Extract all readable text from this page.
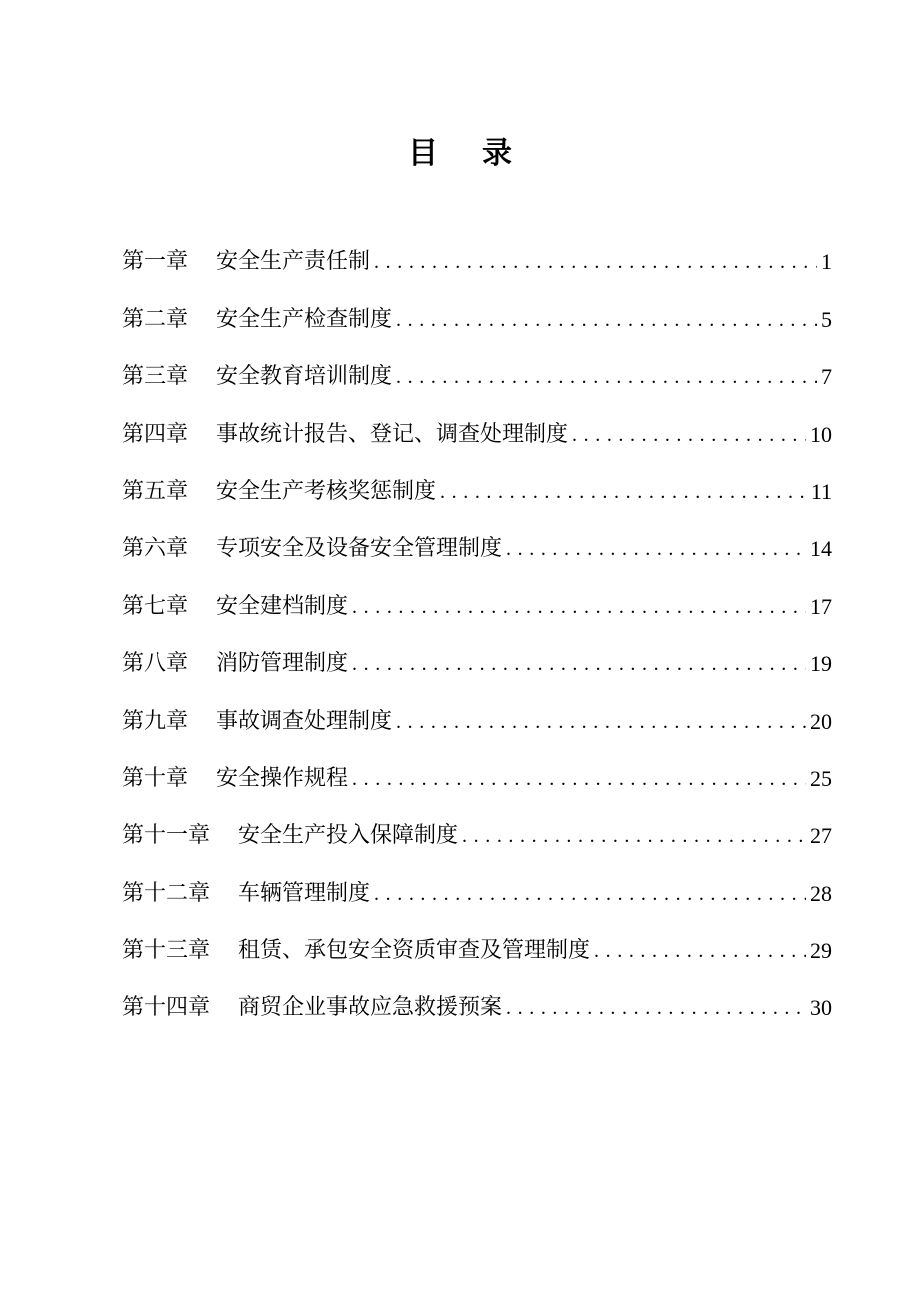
目录
第一章 安全生产责任制 .....	1
第二章 安全生产检查制度 .....	5
第三章 安全教育培训制度 .....	7
第四章 事故统计报告、登记、调查处理制度 .....	10
第五章 安全生产考核奖惩制度 .....	11
第六章 专项安全及设备安全管理制度 .....	14
第七章 安全建档制度 .....	17
第八章 消防管理制度 .....	19
第九章 事故调查处理制度 .....	20
第十章 安全操作规程 .....	25
第十一章 安全生产投入保障制度 .....	27
第十二章 车辆管理制度 .....	28
第十三章 租赁、承包安全资质审查及管理制度 .....	29
第十四章 商贸企业事故应急救援预案 .....	30
